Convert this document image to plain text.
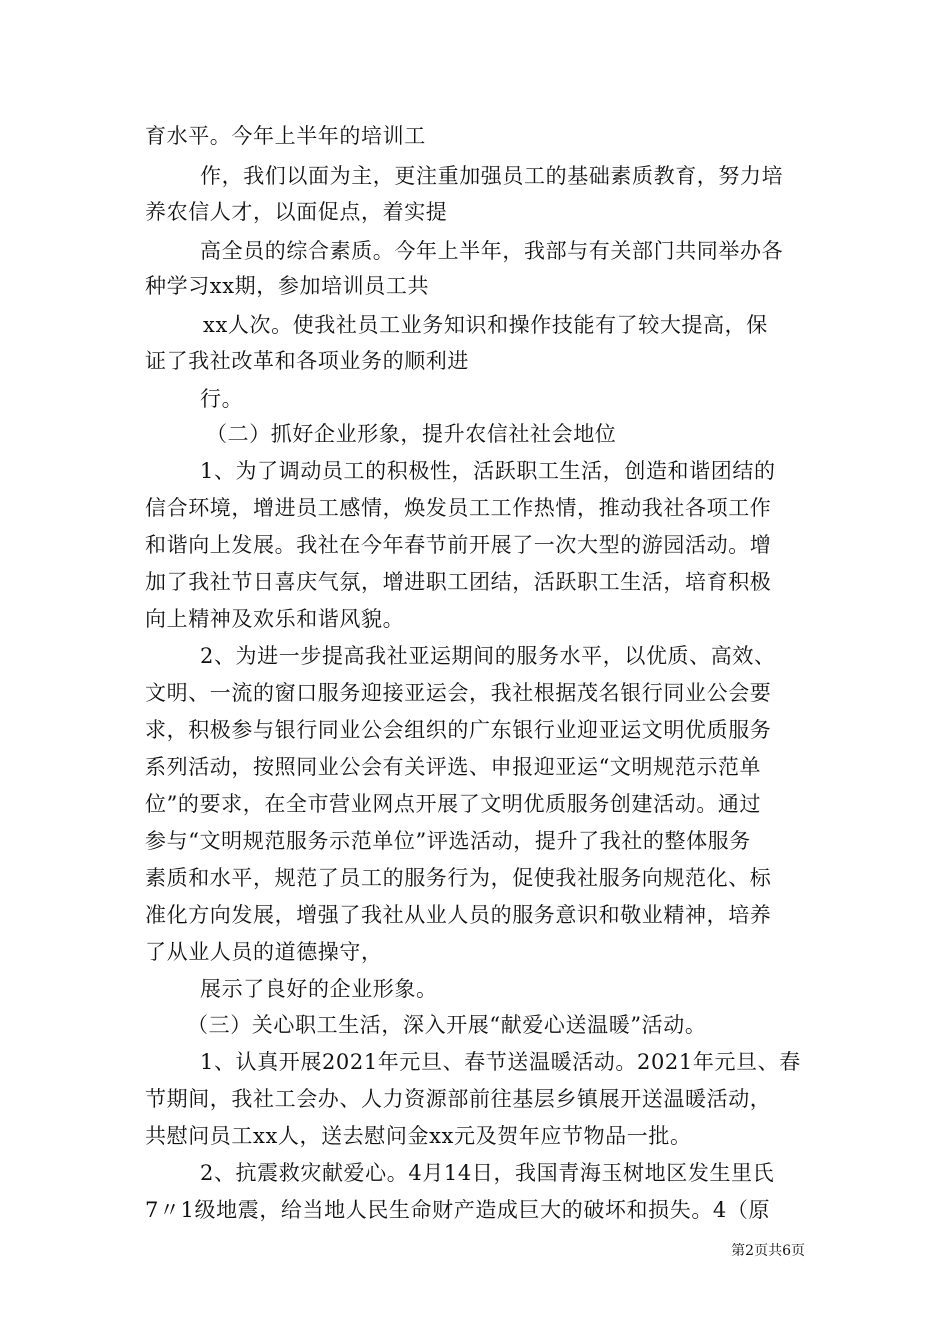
育水平。今年上半年的培训工
作，我们以面为主，更注重加强员工的基础素质教育，努力培
养农信人才，以面促点，着实提
高全员的综合素质。今年上半年，我部与有关部门共同举办各
种学习xx期，参加培训员工共
xx人次。使我社员工业务知识和操作技能有了较大提高，保
证了我社改革和各项业务的顺利进
行。
（二）抓好企业形象，提升农信社社会地位
1、为了调动员工的积极性，活跃职工生活，创造和谐团结的
信合环境，增进员工感情，焕发员工工作热情，推动我社各项工作
和谐向上发展。我社在今年春节前开展了一次大型的游园活动。增
加了我社节日喜庆气氛，增进职工团结，活跃职工生活，培育积极
向上精神及欢乐和谐风貌。
2、为进一步提高我社亚运期间的服务水平，以优质、高效、
文明、一流的窗口服务迎接亚运会，我社根据茂名银行同业公会要
求，积极参与银行同业公会组织的广东银行业迎亚运文明优质服务
系列活动，按照同业公会有关评选、申报迎亚运“文明规范示范单
位”的要求，在全市营业网点开展了文明优质服务创建活动。通过
参与“文明规范服务示范单位”评选活动，提升了我社的整体服务
素质和水平，规范了员工的服务行为，促使我社服务向规范化、标
准化方向发展，增强了我社从业人员的服务意识和敬业精神，培养
了从业人员的道德操守，
展示了良好的企业形象。
（三）关心职工生活，深入开展“献爱心送温暖”活动。
1、认真开展2021年元旦、春节送温暖活动。2021年元旦、春
节期间，我社工会办、人力资源部前往基层乡镇展开送温暖活动，
共慰问员工xx人，送去慰问金xx元及贺年应节物品一批。
2、抗震救灾献爱心。4月14日，我国青海玉树地区发生里氏
7〃1级地震，给当地人民生命财产造成巨大的破坏和损失。4（原
第2页共6页
